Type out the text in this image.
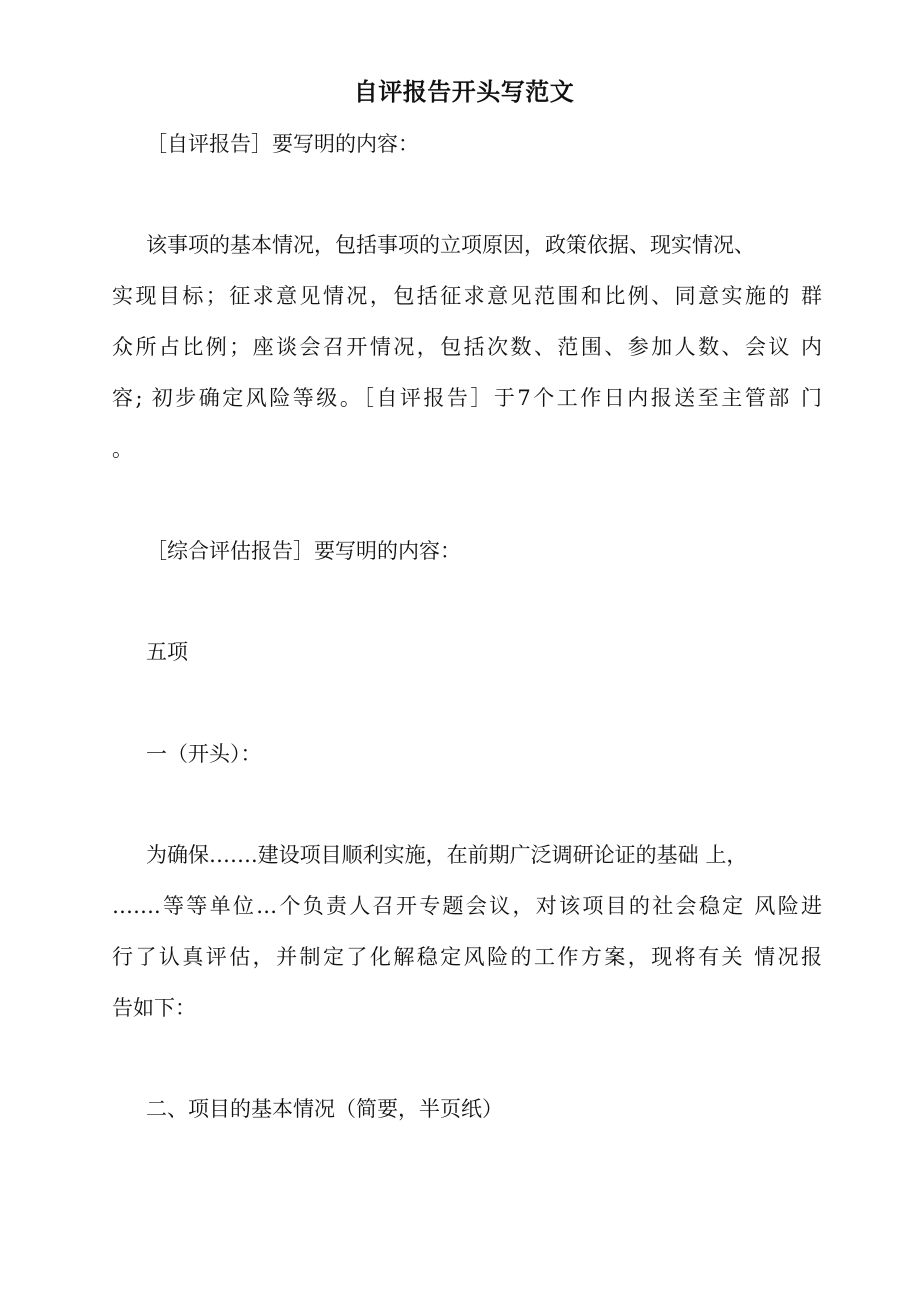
自评报告开头写范文
［自评报告］要写明的内容：
该事项的基本情况，包括事项的立项原因，政策依据、现实情况、
实现目标；征求意见情况，包括征求意见范围和比例、同意实施的 群
众所占比例；座谈会召开情况，包括次数、范围、参加人数、会议 内
容; 初步确定风险等级。［自评报告］于7个工作日内报送至主管部 门
。
［综合评估报告］要写明的内容：
五项
一（开头）：
为确保…….建设项目顺利实施，在前期广泛调研论证的基础 上，
…….等等单位…个负责人召开专题会议，对该项目的社会稳定 风险进
行了认真评估，并制定了化解稳定风险的工作方案，现将有关 情况报
告如下：
二、项目的基本情况（简要，半页纸）
